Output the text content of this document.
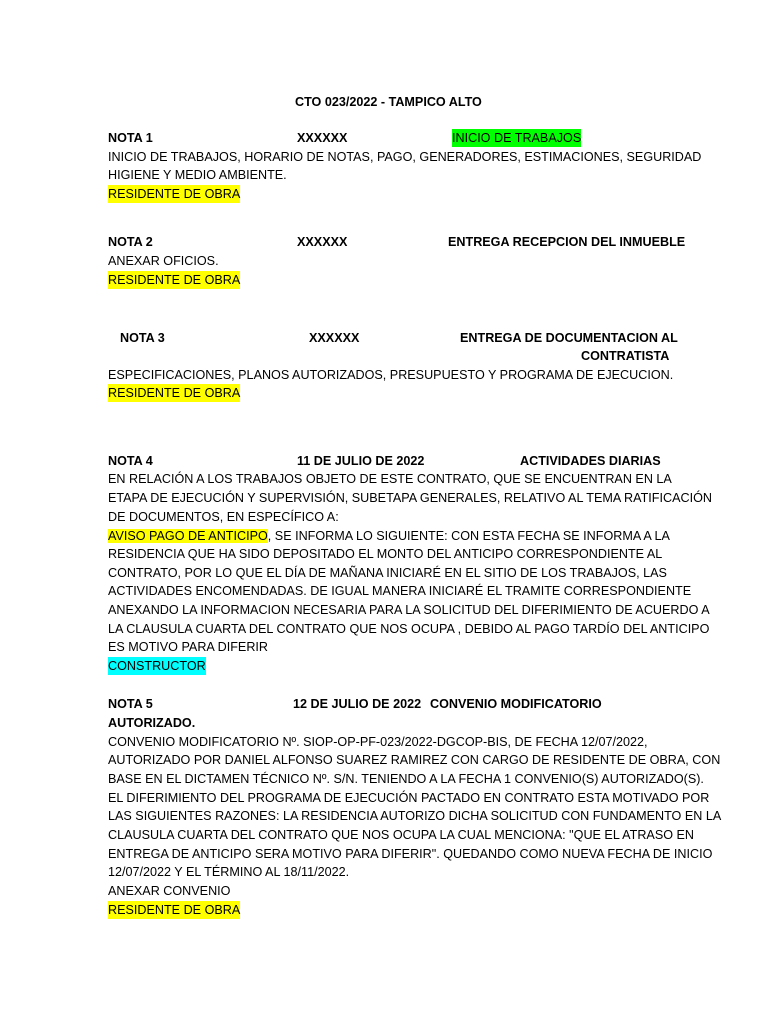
CTO 023/2022 - TAMPICO ALTO
NOTA 1	XXXXXX	INICIO DE TRABAJOS
INICIO DE TRABAJOS, HORARIO DE NOTAS, PAGO, GENERADORES, ESTIMACIONES, SEGURIDAD
HIGIENE Y MEDIO AMBIENTE.
RESIDENTE DE OBRA
NOTA 2	XXXXXX	ENTREGA RECEPCION DEL INMUEBLE
ANEXAR OFICIOS.
RESIDENTE DE OBRA
NOTA 3	XXXXXX	ENTREGA DE DOCUMENTACION AL
CONTRATISTA
ESPECIFICACIONES, PLANOS AUTORIZADOS, PRESUPUESTO Y PROGRAMA DE EJECUCION.
RESIDENTE DE OBRA
NOTA 4	11 DE JULIO DE 2022	ACTIVIDADES DIARIAS
EN RELACIÓN A LOS TRABAJOS OBJETO DE ESTE CONTRATO, QUE SE ENCUENTRAN EN LA
ETAPA DE EJECUCIÓN Y SUPERVISIÓN, SUBETAPA GENERALES, RELATIVO AL TEMA RATIFICACIÓN
DE DOCUMENTOS, EN ESPECÍFICO A:
AVISO PAGO DE ANTICIPO, SE INFORMA LO SIGUIENTE: CON ESTA FECHA SE INFORMA A LA
RESIDENCIA QUE HA SIDO DEPOSITADO EL MONTO DEL ANTICIPO CORRESPONDIENTE AL
CONTRATO, POR LO QUE EL DÍA DE MAÑANA INICIARÉ EN EL SITIO DE LOS TRABAJOS, LAS
ACTIVIDADES ENCOMENDADAS. DE IGUAL MANERA INICIARÉ EL TRAMITE CORRESPONDIENTE
ANEXANDO LA INFORMACION NECESARIA PARA LA SOLICITUD DEL DIFERIMIENTO DE ACUERDO A
LA CLAUSULA CUARTA DEL CONTRATO QUE NOS OCUPA , DEBIDO AL PAGO TARDÍO DEL ANTICIPO
ES MOTIVO PARA DIFERIR
CONSTRUCTOR
NOTA 5	12 DE JULIO DE 2022 CONVENIO MODIFICATORIO
AUTORIZADO.
CONVENIO MODIFICATORIO Nº. SIOP-OP-PF-023/2022-DGCOP-BIS, DE FECHA 12/07/2022,
AUTORIZADO POR DANIEL ALFONSO SUAREZ RAMIREZ CON CARGO DE RESIDENTE DE OBRA, CON
BASE EN EL DICTAMEN TÉCNICO Nº. S/N. TENIENDO A LA FECHA 1 CONVENIO(S) AUTORIZADO(S).
EL DIFERIMIENTO DEL PROGRAMA DE EJECUCIÓN PACTADO EN CONTRATO ESTA MOTIVADO POR
LAS SIGUIENTES RAZONES: LA RESIDENCIA AUTORIZO DICHA SOLICITUD CON FUNDAMENTO EN LA
CLAUSULA CUARTA DEL CONTRATO QUE NOS OCUPA LA CUAL MENCIONA: "QUE EL ATRASO EN
ENTREGA DE ANTICIPO SERA MOTIVO PARA DIFERIR". QUEDANDO COMO NUEVA FECHA DE INICIO
12/07/2022 Y EL TÉRMINO AL 18/11/2022.
ANEXAR CONVENIO
RESIDENTE DE OBRA
